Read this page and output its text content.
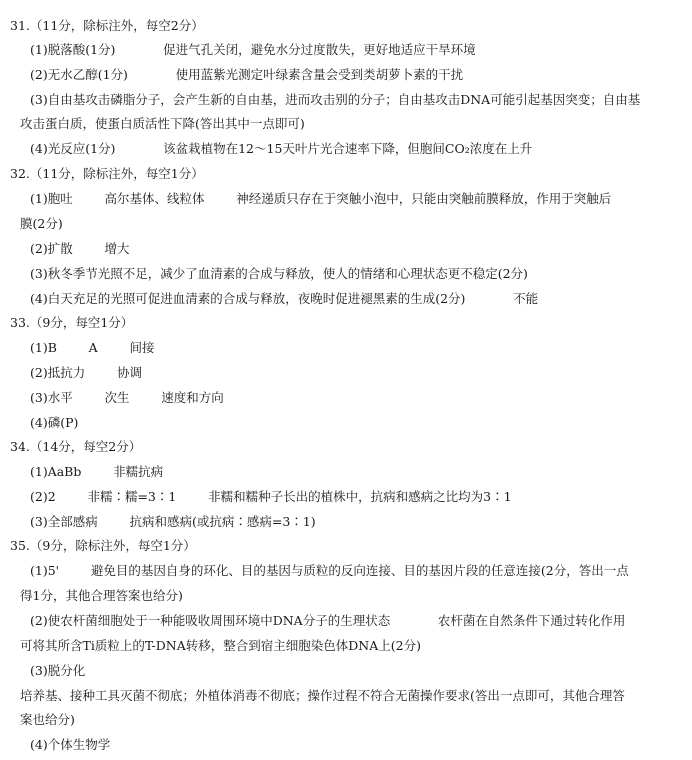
31.（11分，除标注外，每空2分）
(1)脱落酸(1分)            促进气孔关闭，避免水分过度散失，更好地适应干旱环境
(2)无水乙醇(1分)            使用蓝紫光测定叶绿素含量会受到类胡萝卜素的干扰
(3)自由基攻击磷脂分子，会产生新的自由基，进而攻击别的分子；自由基攻击DNA可能引起基因突变；自由基
攻击蛋白质，使蛋白质活性下降(答出其中一点即可)
(4)光反应(1分)            该盆栽植物在12～15天叶片光合速率下降，但胞间CO₂浓度在上升
32.（11分，除标注外，每空1分）
(1)胞吐        高尔基体、线粒体        神经递质只存在于突触小泡中，只能由突触前膜释放，作用于突触后
膜(2分)
(2)扩散        增大
(3)秋冬季节光照不足，减少了血清素的合成与释放，使人的情绪和心理状态更不稳定(2分)
(4)白天充足的光照可促进血清素的合成与释放，夜晚时促进褪黑素的生成(2分)            不能
33.（9分，每空1分）
(1)B        A        间接
(2)抵抗力        协调
(3)水平        次生        速度和方向
(4)磷(P)
34.（14分，每空2分）
(1)AaBb        非糯抗病
(2)2        非糯∶糯=3∶1        非糯和糯种子长出的植株中，抗病和感病之比均为3∶1
(3)全部感病        抗病和感病(或抗病∶感病=3∶1)
35.（9分，除标注外，每空1分）
(1)5'        避免目的基因自身的环化、目的基因与质粒的反向连接、目的基因片段的任意连接(2分，答出一点
得1分，其他合理答案也给分)
(2)使农杆菌细胞处于一种能吸收周围环境中DNA分子的生理状态            农杆菌在自然条件下通过转化作用
可将其所含Ti质粒上的T-DNA转移，整合到宿主细胞染色体DNA上(2分)
(3)脱分化
培养基、接种工具灭菌不彻底；外植体消毒不彻底；操作过程不符合无菌操作要求(答出一点即可，其他合理答
案也给分)
(4)个体生物学
